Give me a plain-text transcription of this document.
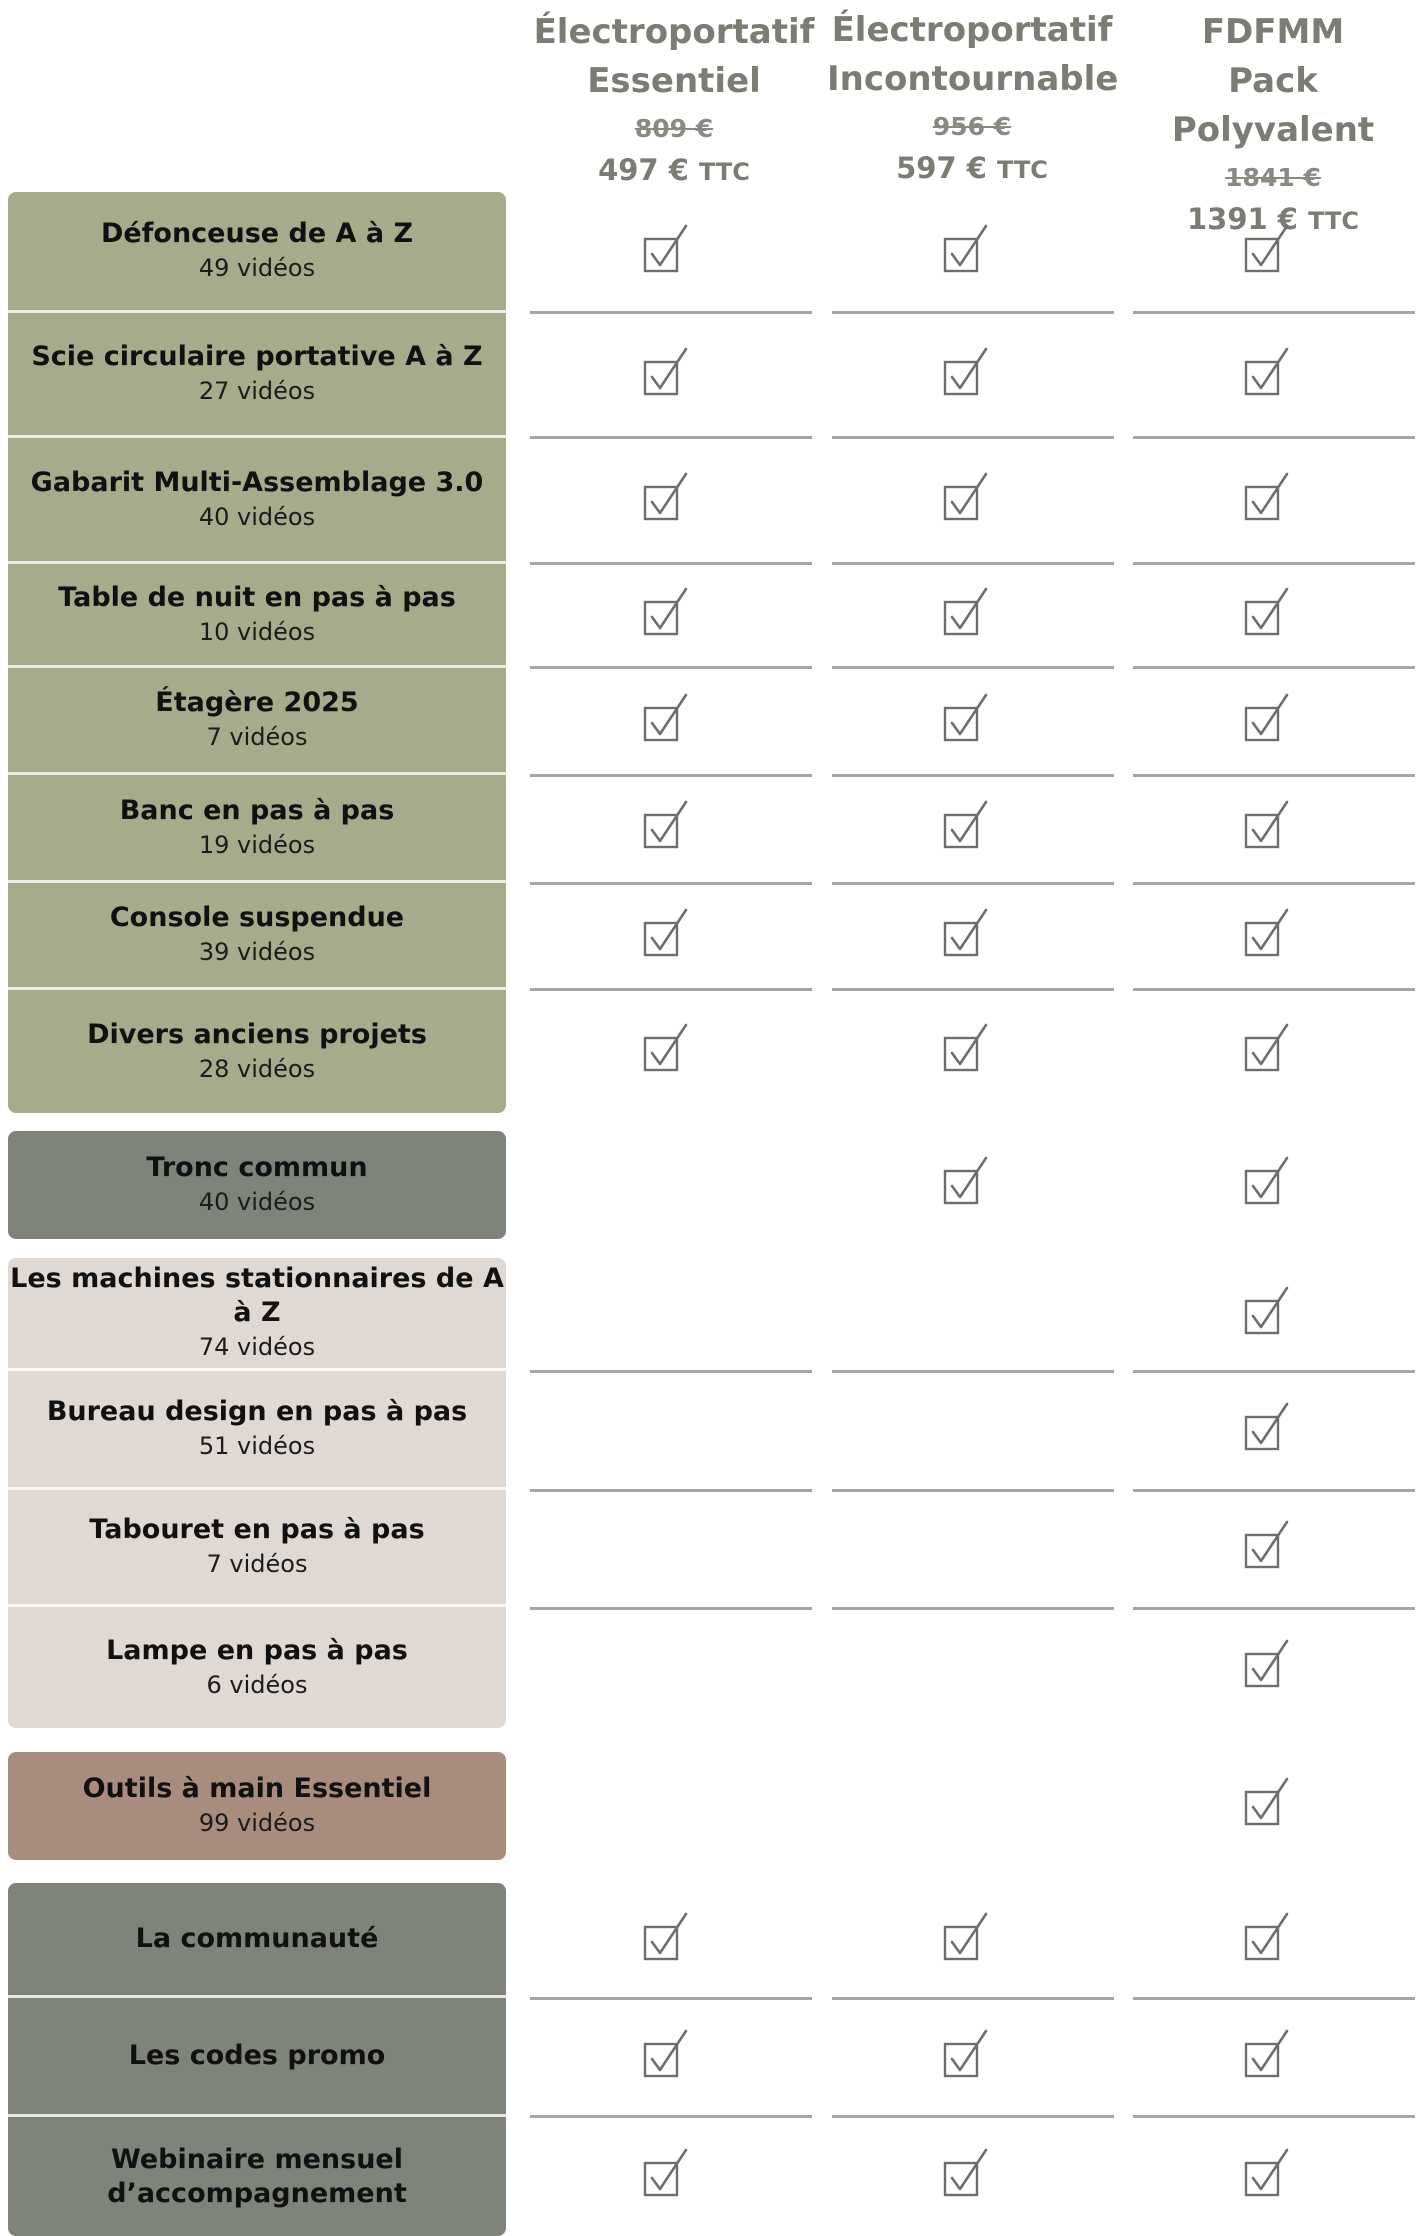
Électroportatif
Essentiel
809 €
497 € TTC
Électroportatif
Incontournable
956 €
597 € TTC
FDFMM
Pack Polyvalent
1841 €
1391 € TTC
Défonceuse de A à Z
49 vidéos
Scie circulaire portative A à Z
27 vidéos
Gabarit Multi-Assemblage 3.0
40 vidéos
Table de nuit en pas à pas
10 vidéos
Étagère 2025
7 vidéos
Banc en pas à pas
19 vidéos
Console suspendue
39 vidéos
Divers anciens projets
28 vidéos
Tronc commun
40 vidéos
Les machines stationnaires de A à Z
74 vidéos
Bureau design en pas à pas
51 vidéos
Tabouret en pas à pas
7 vidéos
Lampe en pas à pas
6 vidéos
Outils à main Essentiel
99 vidéos
La communauté
Les codes promo
Webinaire mensuel
d’accompagnement
